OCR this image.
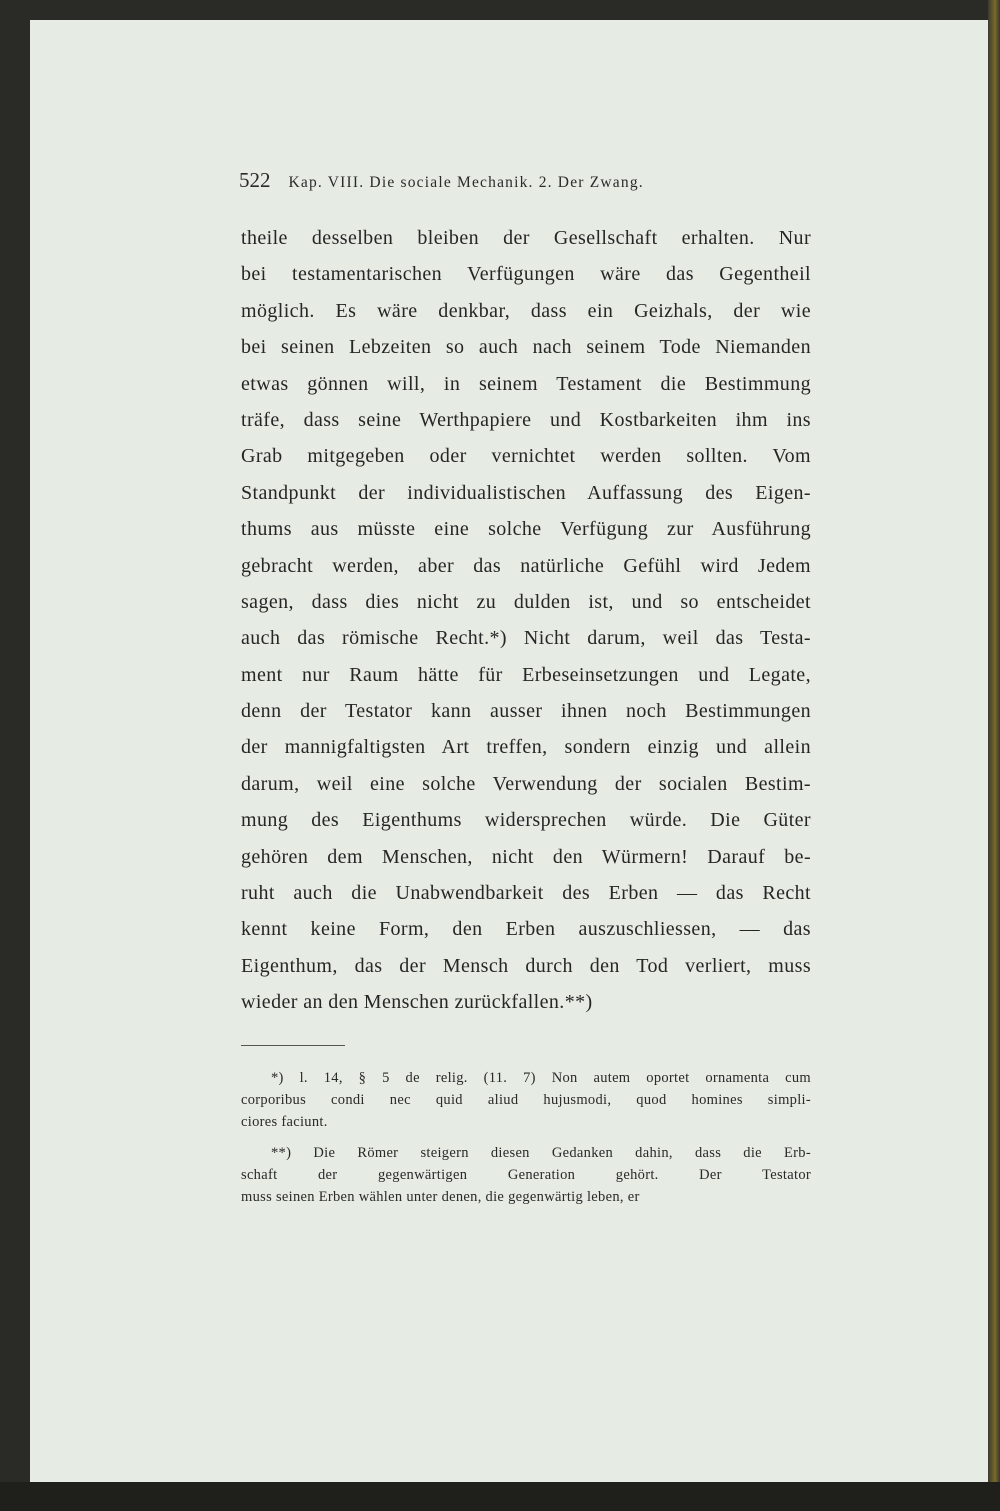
522 Kap. VIII. Die sociale Mechanik. 2. Der Zwang.
theile desselben bleiben der Gesellschaft erhalten. Nur
bei testamentarischen Verfügungen wäre das Gegentheil
möglich. Es wäre denkbar, dass ein Geizhals, der wie
bei seinen Lebzeiten so auch nach seinem Tode Niemanden
etwas gönnen will, in seinem Testament die Bestimmung
träfe, dass seine Werthpapiere und Kostbarkeiten ihm ins
Grab mitgegeben oder vernichtet werden sollten. Vom
Standpunkt der individualistischen Auffassung des Eigen-
thums aus müsste eine solche Verfügung zur Ausführung
gebracht werden, aber das natürliche Gefühl wird Jedem
sagen, dass dies nicht zu dulden ist, und so entscheidet
auch das römische Recht.*) Nicht darum, weil das Testa-
ment nur Raum hätte für Erbeseinsetzungen und Legate,
denn der Testator kann ausser ihnen noch Bestimmungen
der mannigfaltigsten Art treffen, sondern einzig und allein
darum, weil eine solche Verwendung der socialen Bestim-
mung des Eigenthums widersprechen würde. Die Güter
gehören dem Menschen, nicht den Würmern! Darauf be-
ruht auch die Unabwendbarkeit des Erben — das Recht
kennt keine Form, den Erben auszuschliessen, — das
Eigenthum, das der Mensch durch den Tod verliert, muss
wieder an den Menschen zurückfallen.**)
*) l. 14, § 5 de relig. (11. 7) Non autem oportet ornamenta cum
corporibus condi nec quid aliud hujusmodi, quod homines simpli-
ciores faciunt.
**) Die Römer steigern diesen Gedanken dahin, dass die Erb-
schaft der gegenwärtigen Generation gehört. Der Testator
muss seinen Erben wählen unter denen, die gegenwärtig leben, er
